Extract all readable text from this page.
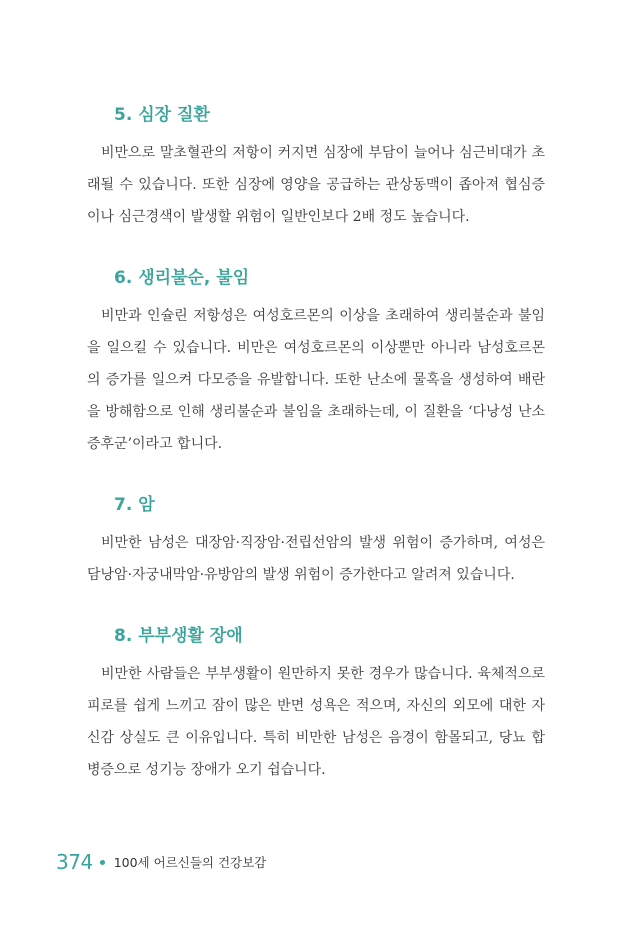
5. 심장 질환

비만으로 말초혈관의 저항이 커지면 심장에 부담이 늘어나 심근비대가 초래될 수 있습니다. 또한 심장에 영양을 공급하는 관상동맥이 좁아져 협심증이나 심근경색이 발생할 위험이 일반인보다 2배 정도 높습니다.

6. 생리불순, 불임

비만과 인슐린 저항성은 여성호르몬의 이상을 초래하여 생리불순과 불임을 일으킬 수 있습니다. 비만은 여성호르몬의 이상뿐만 아니라 남성호르몬의 증가를 일으켜 다모증을 유발합니다. 또한 난소에 물혹을 생성하여 배란을 방해함으로 인해 생리불순과 불임을 초래하는데, 이 질환을 ‘다낭성 난소증후군’이라고 합니다.

7. 암

비만한 남성은 대장암·직장암·전립선암의 발생 위험이 증가하며, 여성은 담낭암·자궁내막암·유방암의 발생 위험이 증가한다고 알려져 있습니다.

8. 부부생활 장애

비만한 사람들은 부부생활이 원만하지 못한 경우가 많습니다. 육체적으로 피로를 쉽게 느끼고 잠이 많은 반면 성욕은 적으며, 자신의 외모에 대한 자신감 상실도 큰 이유입니다. 특히 비만한 남성은 음경이 함몰되고, 당뇨 합병증으로 성기능 장애가 오기 쉽습니다.

374 100세 어르신들의 건강보감
